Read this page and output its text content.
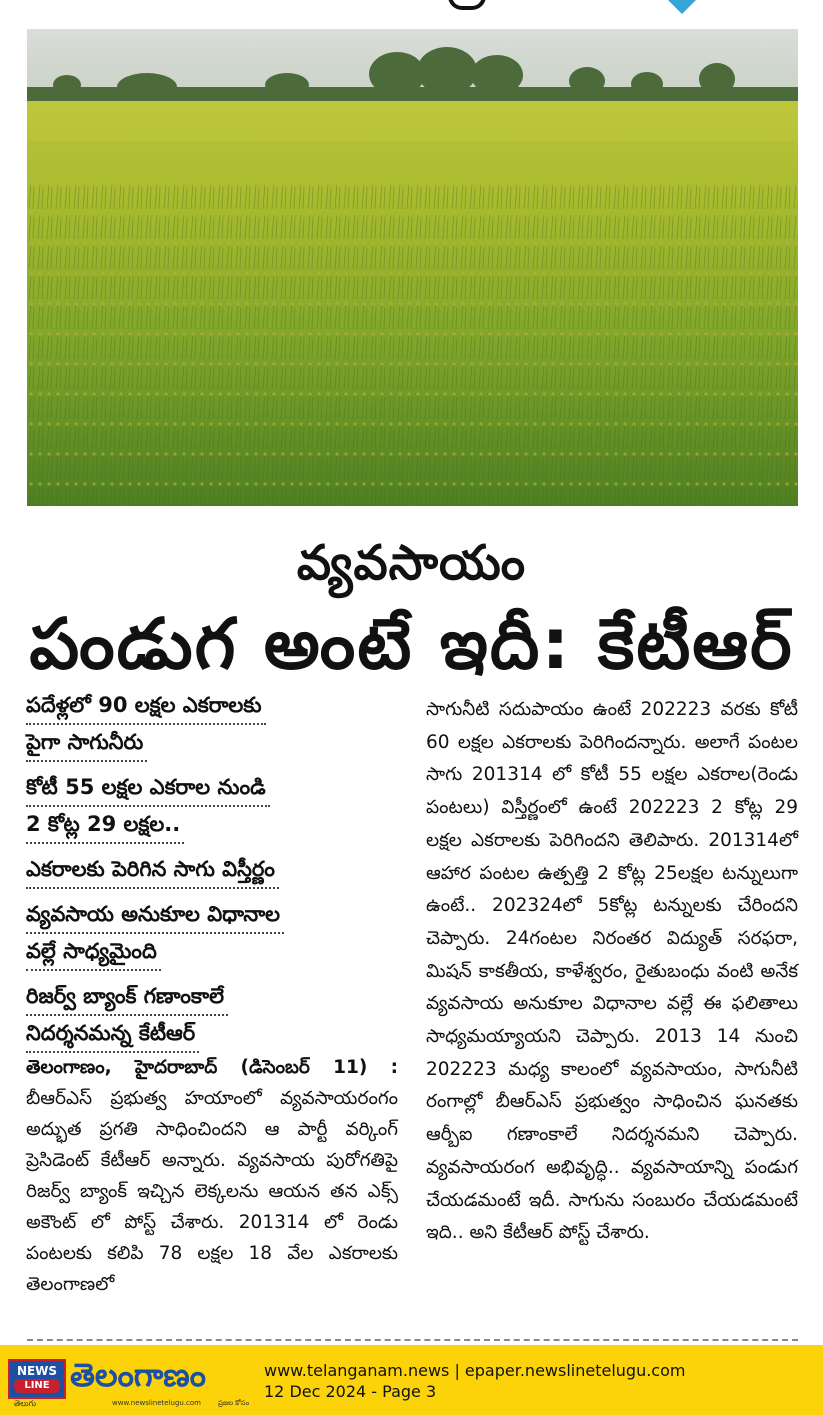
వ్యవసాయం
పండుగ అంటే ఇదీ: కేటీఆర్
పదేళ్లలో 90 లక్షల ఎకరాలకు
పైగా సాగునీరు
కోటీ 55 లక్షల ఎకరాల నుండి
2 కోట్ల 29 లక్షల..
ఎకరాలకు పెరిగిన సాగు విస్తీర్ణం
వ్యవసాయ అనుకూల విధానాల
వల్లే సాధ్యమైంది
రిజర్వ్ బ్యాంక్ గణాంకాలే
నిదర్శనమన్న కేటీఆర్

తెలంగాణం, హైదరాబాద్ (డిసెంబర్ 11) : బీఆర్ఎస్ ప్రభుత్వ హయాంలో వ్యవసాయరంగం అద్భుత ప్రగతి సాధించిందని ఆ పార్టీ వర్కింగ్ ప్రెసిడెంట్ కేటీఆర్ అన్నారు. వ్యవసాయ పురోగతిపై రిజర్వ్ బ్యాంక్ ఇచ్చిన లెక్కలను ఆయన తన ఎక్స్ అకౌంట్ లో పోస్ట్ చేశారు. 201314 లో రెండు పంటలకు కలిపి 78 లక్షల 18 వేల ఎకరాలకు తెలంగాణలో

సాగునీటి సదుపాయం ఉంటే 202223 వరకు కోటీ 60 లక్షల ఎకరాలకు పెరిగిందన్నారు. అలాగే పంటల సాగు 201314 లో కోటీ 55 లక్షల ఎకరాల(రెండు పంటలు) విస్తీర్ణంలో ఉంటే 202223 2 కోట్ల 29 లక్షల ఎకరాలకు పెరిగిందని తెలిపారు. 201314లో ఆహార పంటల ఉత్పత్తి 2 కోట్ల 25లక్షల టన్నులుగా ఉంటే.. 202324లో 5కోట్ల టన్నులకు చేరిందని చెప్పారు. 24గంటల నిరంతర విద్యుత్ సరఫరా, మిషన్ కాకతీయ, కాళేశ్వరం, రైతుబంధు వంటి అనేక వ్యవసాయ అనుకూల విధానాల వల్లే ఈ ఫలితాలు సాధ్యమయ్యాయని చెప్పారు. 2013 14 నుంచి 202223 మధ్య కాలంలో వ్యవసాయం, సాగునీటి రంగాల్లో బీఆర్ఎస్ ప్రభుత్వం సాధించిన ఘనతకు ఆర్బీఐ గణాంకాలే నిదర్శనమని చెప్పారు. వ్యవసాయరంగ అభివృద్ధి.. వ్యవసాయాన్ని పండుగ చేయడమంటే ఇదీ. సాగును సంబురం చేయడమంటే ఇది.. అని కేటీఆర్ పోస్ట్ చేశారు.

NEWS
LINE
తెలుగు
తెలంగాణం
www.newslinetelugu.com ప్రజల కోసం
www.telanganam.news | epaper.newslinetelugu.com
12 Dec 2024 - Page 3
